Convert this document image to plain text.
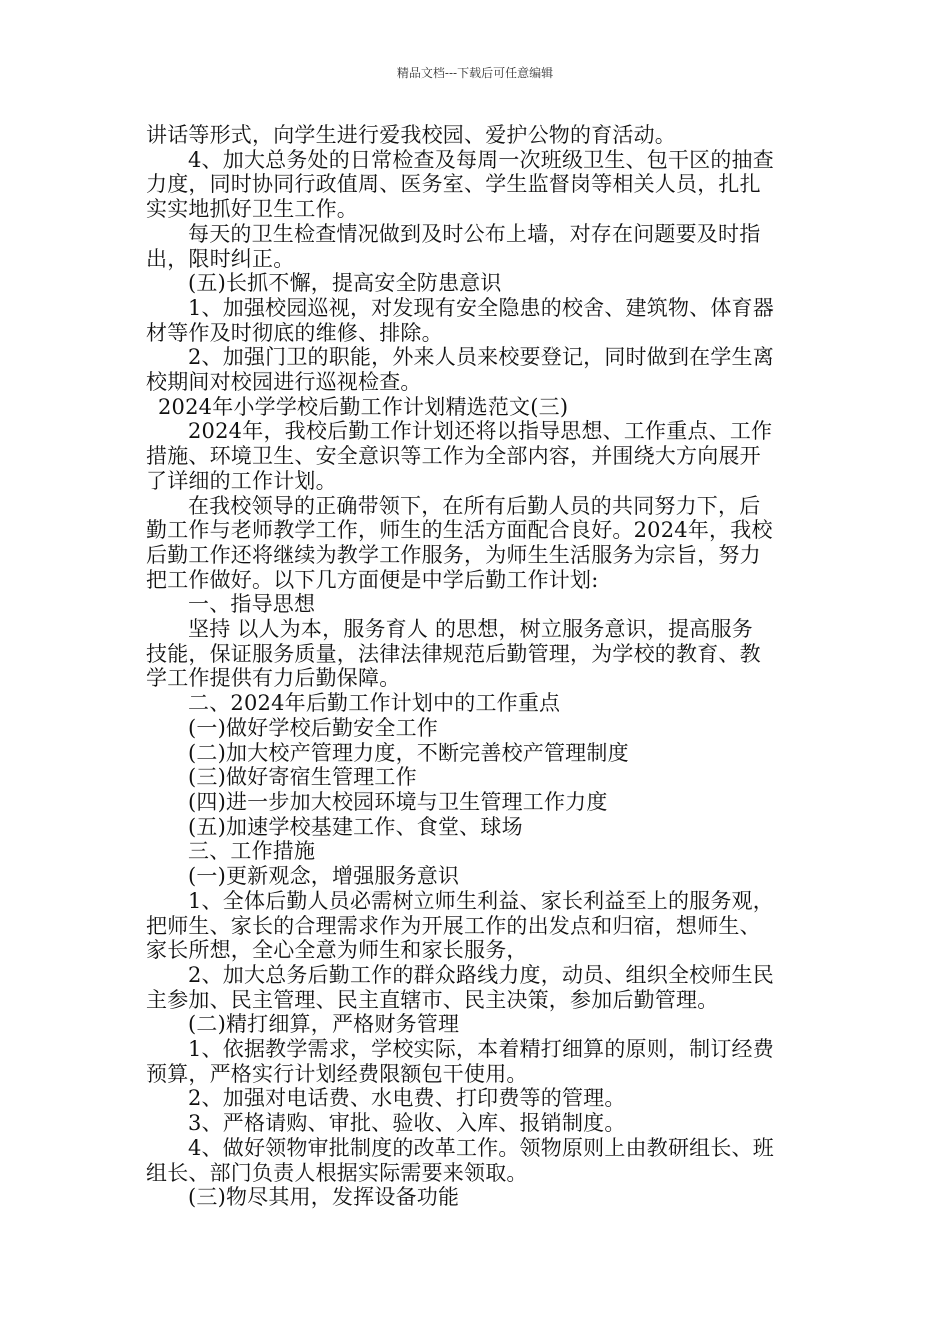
精品文档---下载后可任意编辑
讲话等形式，向学生进行爱我校园、爱护公物的育活动。
4、加大总务处的日常检查及每周一次班级卫生、包干区的抽查
力度，同时协同行政值周、医务室、学生监督岗等相关人员，扎扎
实实地抓好卫生工作。
每天的卫生检查情况做到及时公布上墙，对存在问题要及时指
出，限时纠正。
(五)长抓不懈，提高安全防患意识
1、加强校园巡视，对发现有安全隐患的校舍、建筑物、体育器
材等作及时彻底的维修、排除。
2、加强门卫的职能，外来人员来校要登记，同时做到在学生离
校期间对校园进行巡视检查。
2024年小学学校后勤工作计划精选范文(三)
2024年，我校后勤工作计划还将以指导思想、工作重点、工作
措施、环境卫生、安全意识等工作为全部内容，并围绕大方向展开
了详细的工作计划。
在我校领导的正确带领下，在所有后勤人员的共同努力下，后
勤工作与老师教学工作，师生的生活方面配合良好。2024年，我校
后勤工作还将继续为教学工作服务，为师生生活服务为宗旨，努力
把工作做好。以下几方面便是中学后勤工作计划:
一、指导思想
坚持 以人为本，服务育人 的思想，树立服务意识，提高服务
技能，保证服务质量，法律法律规范后勤管理，为学校的教育、教
学工作提供有力后勤保障。
二、2024年后勤工作计划中的工作重点
(一)做好学校后勤安全工作
(二)加大校产管理力度，不断完善校产管理制度
(三)做好寄宿生管理工作
(四)进一步加大校园环境与卫生管理工作力度
(五)加速学校基建工作、食堂、球场
三、工作措施
(一)更新观念，增强服务意识
1、全体后勤人员必需树立师生利益、家长利益至上的服务观，
把师生、家长的合理需求作为开展工作的出发点和归宿，想师生、
家长所想，全心全意为师生和家长服务，
2、加大总务后勤工作的群众路线力度，动员、组织全校师生民
主参加、民主管理、民主直辖市、民主决策，参加后勤管理。
(二)精打细算，严格财务管理
1、依据教学需求，学校实际，本着精打细算的原则，制订经费
预算，严格实行计划经费限额包干使用。
2、加强对电话费、水电费、打印费等的管理。
3、严格请购、审批、验收、入库、报销制度。
4、做好领物审批制度的改革工作。领物原则上由教研组长、班
组长、部门负责人根据实际需要来领取。
(三)物尽其用，发挥设备功能
